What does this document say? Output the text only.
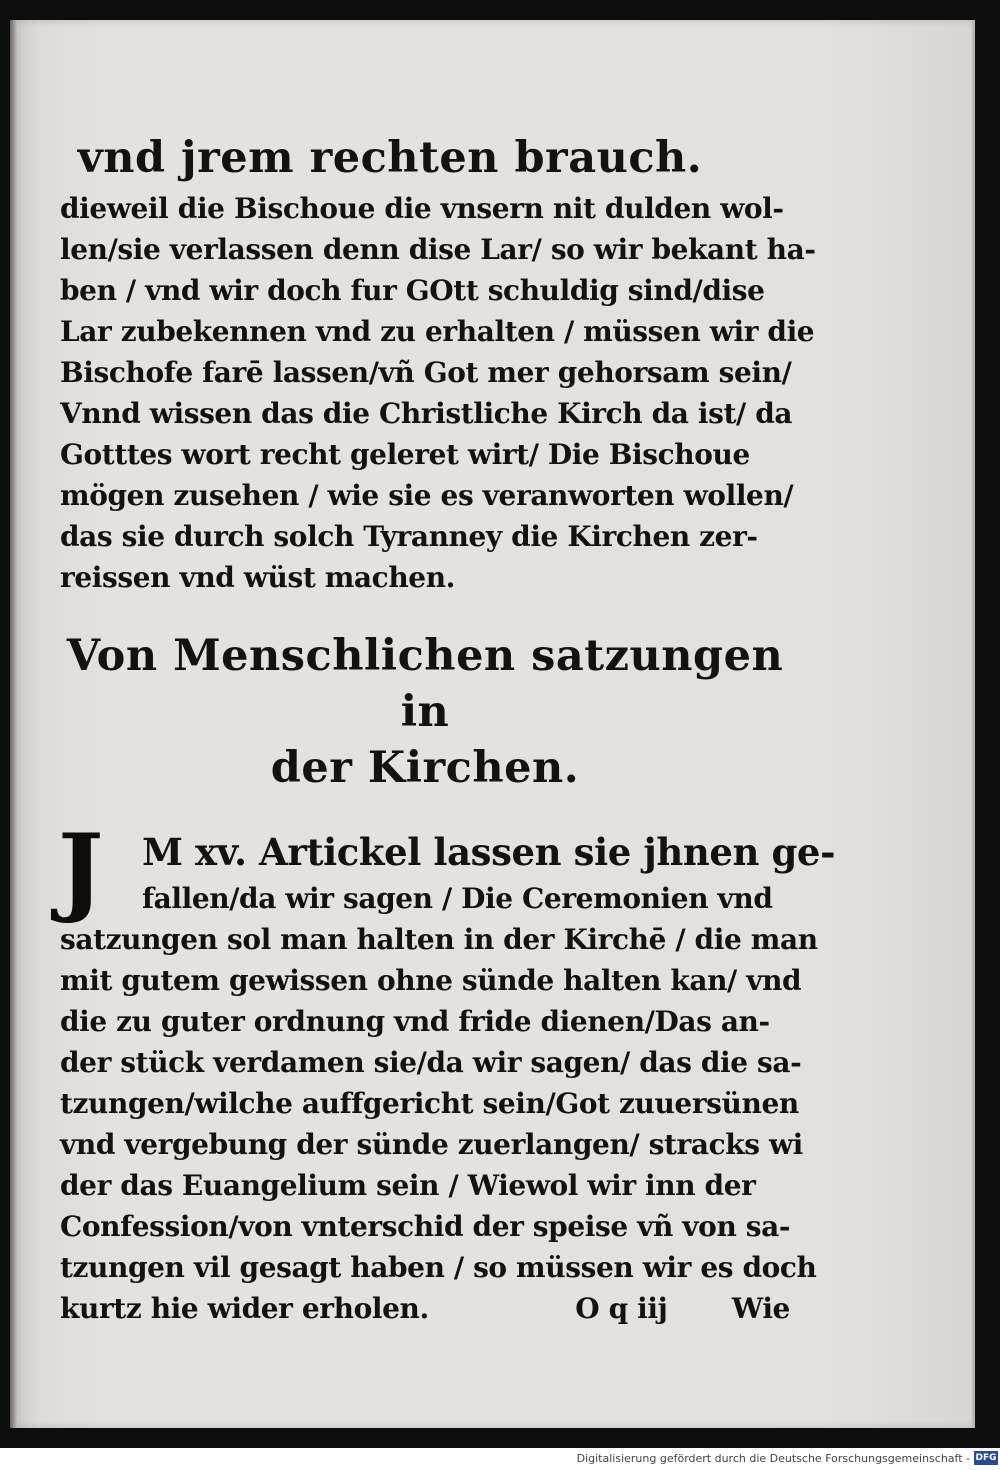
vnd jrem rechten brauch.
dieweil die Bischoue die vnsern nit dulden wol-
len/sie verlassen denn dise Lar/ so wir bekant ha-
ben / vnd wir doch fur GOtt schuldig sind/dise
Lar zubekennen vnd zu erhalten / müssen wir die
Bischofe farē lassen/vñ Got mer gehorsam sein/
Vnnd wissen das die Christliche Kirch da ist/ da
Gotttes wort recht geleret wirt/ Die Bischoue
mögen zusehen / wie sie es veranworten wollen/
das sie durch solch Tyranney die Kirchen zer-
reissen vnd wüst machen.
Von Menschlichen satzungen in
der Kirchen.
J	M xv. Artickel lassen sie jhnen ge-
fallen/da wir sagen / Die Ceremonien vnd
satzungen sol man halten in der Kirchē / die man
mit gutem gewissen ohne sünde halten kan/ vnd
die zu guter ordnung vnd fride dienen/Das an-
der stück verdamen sie/da wir sagen/ das die sa-
tzungen/wilche auffgericht sein/Got zuuersünen
vnd vergebung der sünde zuerlangen/ stracks wi
der das Euangelium sein / Wiewol wir inn der
Confession/von vnterschid der speise vñ von sa-
tzungen vil gesagt haben / so müssen wir es doch
kurtz hie wider erholen.	O q iij Wie
Digitalisierung gefördert durch die Deutsche Forschungsgemeinschaft - DFG
